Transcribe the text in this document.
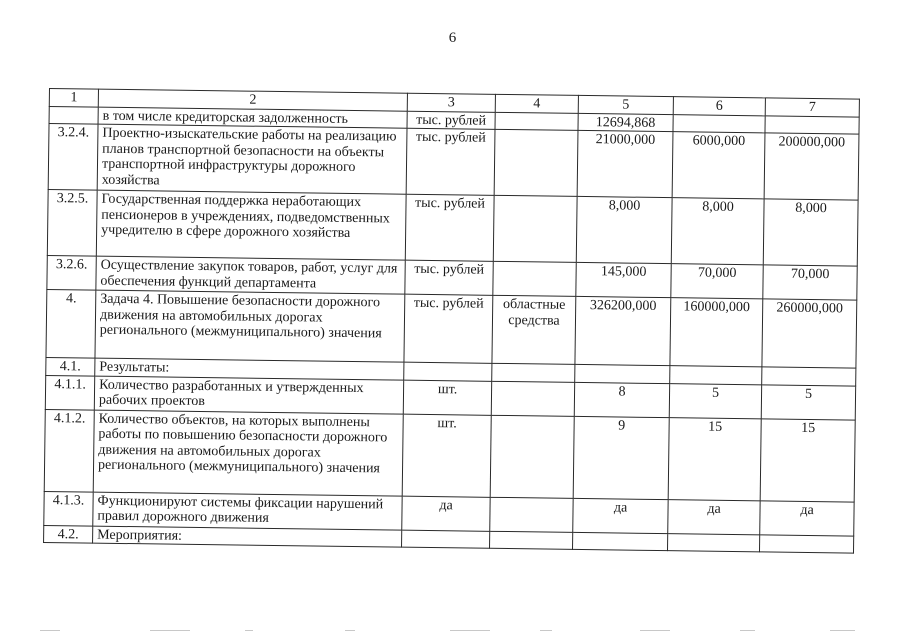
6
1	2	3	4	5	6	7
	в том числе кредиторская задолженность	тыс. рублей		12694,868		
3.2.4.	Проектно-изыскательские работы на реализацию планов транспортной безопасности на объекты транспортной инфраструктуры дорожного хозяйства	тыс. рублей		21000,000	6000,000	200000,000
3.2.5.	Государственная поддержка неработающих пенсионеров в учреждениях, подведомственных учредителю в сфере дорожного хозяйства	тыс. рублей		8,000	8,000	8,000
3.2.6.	Осуществление закупок товаров, работ, услуг для обеспечения функций департамента	тыс. рублей		145,000	70,000	70,000
4.	Задача 4. Повышение безопасности дорожного движения на автомобильных дорогах регионального (межмуниципального) значения	тыс. рублей	областные средства	326200,000	160000,000	260000,000
4.1.	Результаты:					
4.1.1.	Количество разработанных и утвержденных рабочих проектов	шт.		8	5	5
4.1.2.	Количество объектов, на которых выполнены работы по повышению безопасности дорожного движения на автомобильных дорогах регионального (межмуниципального) значения	шт.		9	15	15
4.1.3.	Функционируют системы фиксации нарушений правил дорожного движения	да		да	да	да
4.2.	Мероприятия:					
